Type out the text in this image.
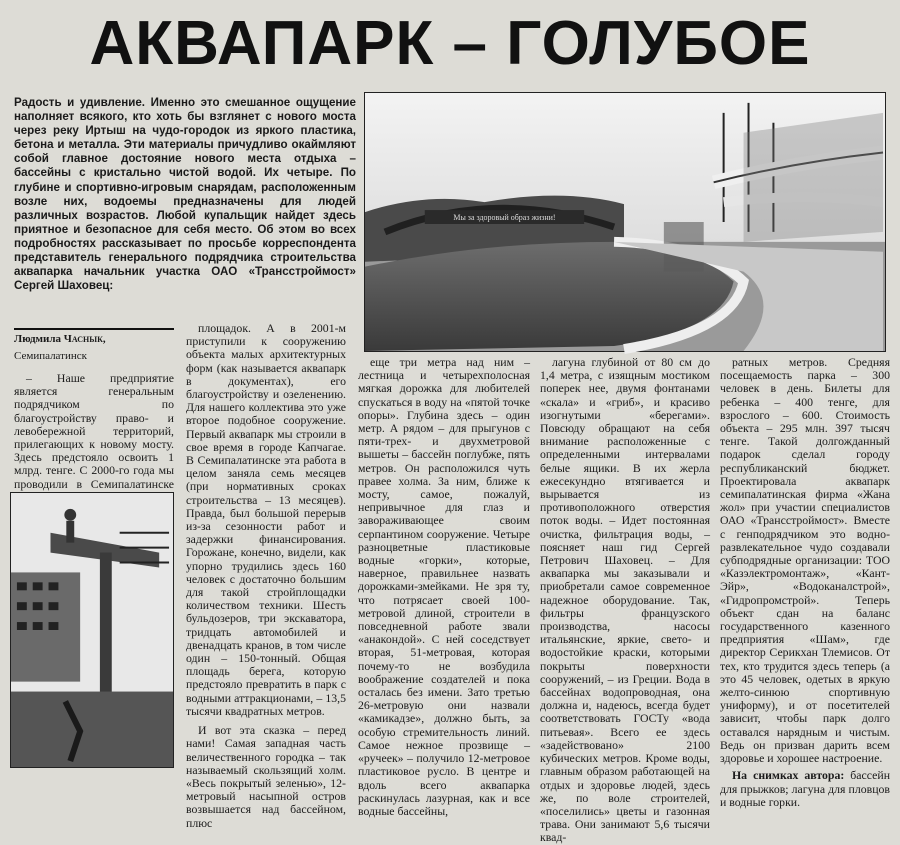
АКВАПАРК – ГОЛУБОЕ
Радость и удивление. Именно это смешанное ощущение наполняет всякого, кто хоть бы взглянет с нового моста через реку Иртыш на чудо-городок из яркого пластика, бетона и металла. Эти материалы причудливо окаймляют собой главное достояние нового места отдыха – бассейны с кристально чистой водой. Их четыре. По глубине и спортивно-игровым снарядам, расположенным возле них, водоемы предназначены для людей различных возрастов. Любой купальщик найдет здесь приятное и безопасное для себя место. Об этом во всех подробностях рассказывает по просьбе корреспондента представитель генерального подрядчика строительства аквапарка начальник участка ОАО «Трансстроймост» Сергей Шаховец:
Мы за здоровый образ жизни!
Людмила Часнык,
Семипалатинск

– Наше предприятие является генеральным подрядчиком по благоустройству право- и левобережной территорий, прилегающих к новому мосту. Здесь предстояло освоить 1 млрд. тенге. С 2000-го года мы проводили в Семипалатинске

площадок. А в 2001-м приступили к сооружению объекта малых архитектурных форм (как называется аквапарк в документах), его благоустройству и озеленению. Для нашего коллектива это уже второе подобное сооружение. Первый аквапарк мы строили в свое время в городе Капчагае. В Семипалатинске эта работа в целом заняла семь месяцев (при нормативных сроках строительства – 13 месяцев). Правда, был большой перерыв из-за сезонности работ и задержки финансирования. Горожане, конечно, видели, как упорно трудились здесь 160 человек с достаточно большим для такой стройплощадки количеством техники. Шесть бульдозеров, три экскаватора, тридцать автомобилей и двенадцать кранов, в том числе один – 150-тонный. Общая площадь берега, которую предстояло превратить в парк с водными аттракционами, – 13,5 тысячи квадратных метров.

И вот эта сказка – перед нами! Самая западная часть величественного городка – так называемый скользящий холм. «Весь покрытый зеленью», 12-метровый насыпной остров возвышается над бассейном, плюс

еще три метра над ним – лестница и четырехполосная мягкая дорожка для любителей спускаться в воду на «пятой точке опоры». Глубина здесь – один метр. А рядом – для прыгунов с пяти-трех- и двухметровой вышеты – бассейн поглубже, пять метров. Он расположился чуть правее холма. За ним, ближе к мосту, самое, пожалуй, непривычное для глаз и завораживающее своим серпантином сооружение. Четыре разноцветные пластиковые водные «горки», которые, наверное, правильнее назвать дорожками-змейками. Не зря ту, что потрясает своей 100-метровой длиной, строители в повседневной работе звали «анакондой». С ней соседствует вторая, 51-метровая, которая почему-то не возбудила воображение создателей и пока осталась без имени. Зато третью 26-метровую они назвали «камикадзе», должно быть, за особую стремительность линий. Самое нежное прозвище – «ручеек» – получило 12-метровое пластиковое русло. В центре и вдоль всего аквапарка раскинулась лазурная, как и все водные бассейны,

лагуна глубиной от 80 см до 1,4 метра, с изящным мостиком поперек нее, двумя фонтанами «скала» и «гриб», и красиво изогнутыми «берегами». Повсюду обращают на себя внимание расположенные с определенными интервалами белые ящики. В их жерла ежесекундно втягивается и вырывается из противоположного отверстия поток воды. – Идет постоянная очистка, фильтрация воды, – поясняет наш гид Сергей Петрович Шаховец. – Для аквапарка мы заказывали и приобретали самое современное надежное оборудование. Так, фильтры французского производства, насосы итальянские, яркие, свето- и водостойкие краски, которыми покрыты поверхности сооружений, – из Греции. Вода в бассейнах водопроводная, она должна и, надеюсь, всегда будет соответствовать ГОСТу «вода питьевая». Всего ее здесь «задействовано» 2100 кубических метров. Кроме воды, главным образом работающей на отдых и здоровье людей, здесь же, по воле строителей, «поселились» цветы и газонная трава. Они занимают 5,6 тысячи квад-

ратных метров. Средняя посещаемость парка – 300 человек в день. Билеты для ребенка – 400 тенге, для взрослого – 600. Стоимость объекта – 295 млн. 397 тысяч тенге. Такой долгожданный подарок сделал городу республиканский бюджет. Проектировала аквапарк семипалатинская фирма «Жана жол» при участии специалистов ОАО «Трансстроймост». Вместе с генподрядчиком это водно-развлекательное чудо создавали субподрядные организации: ТОО «Казэлектромонтаж», «Кант-Эйр», «Водоканалстрой», «Гидропромстрой». Теперь объект сдан на баланс государственного казенного предприятия «Шам», где директор Серикхан Тлемисов. От тех, кто трудится здесь теперь (а это 45 человек, одетых в яркую желто-синюю спортивную униформу), и от посетителей зависит, чтобы парк долго оставался нарядным и чистым. Ведь он призван дарить всем здоровье и хорошее настроение.

На снимках автора: бассейн для прыжков; лагуна для пловцов и водные горки.
